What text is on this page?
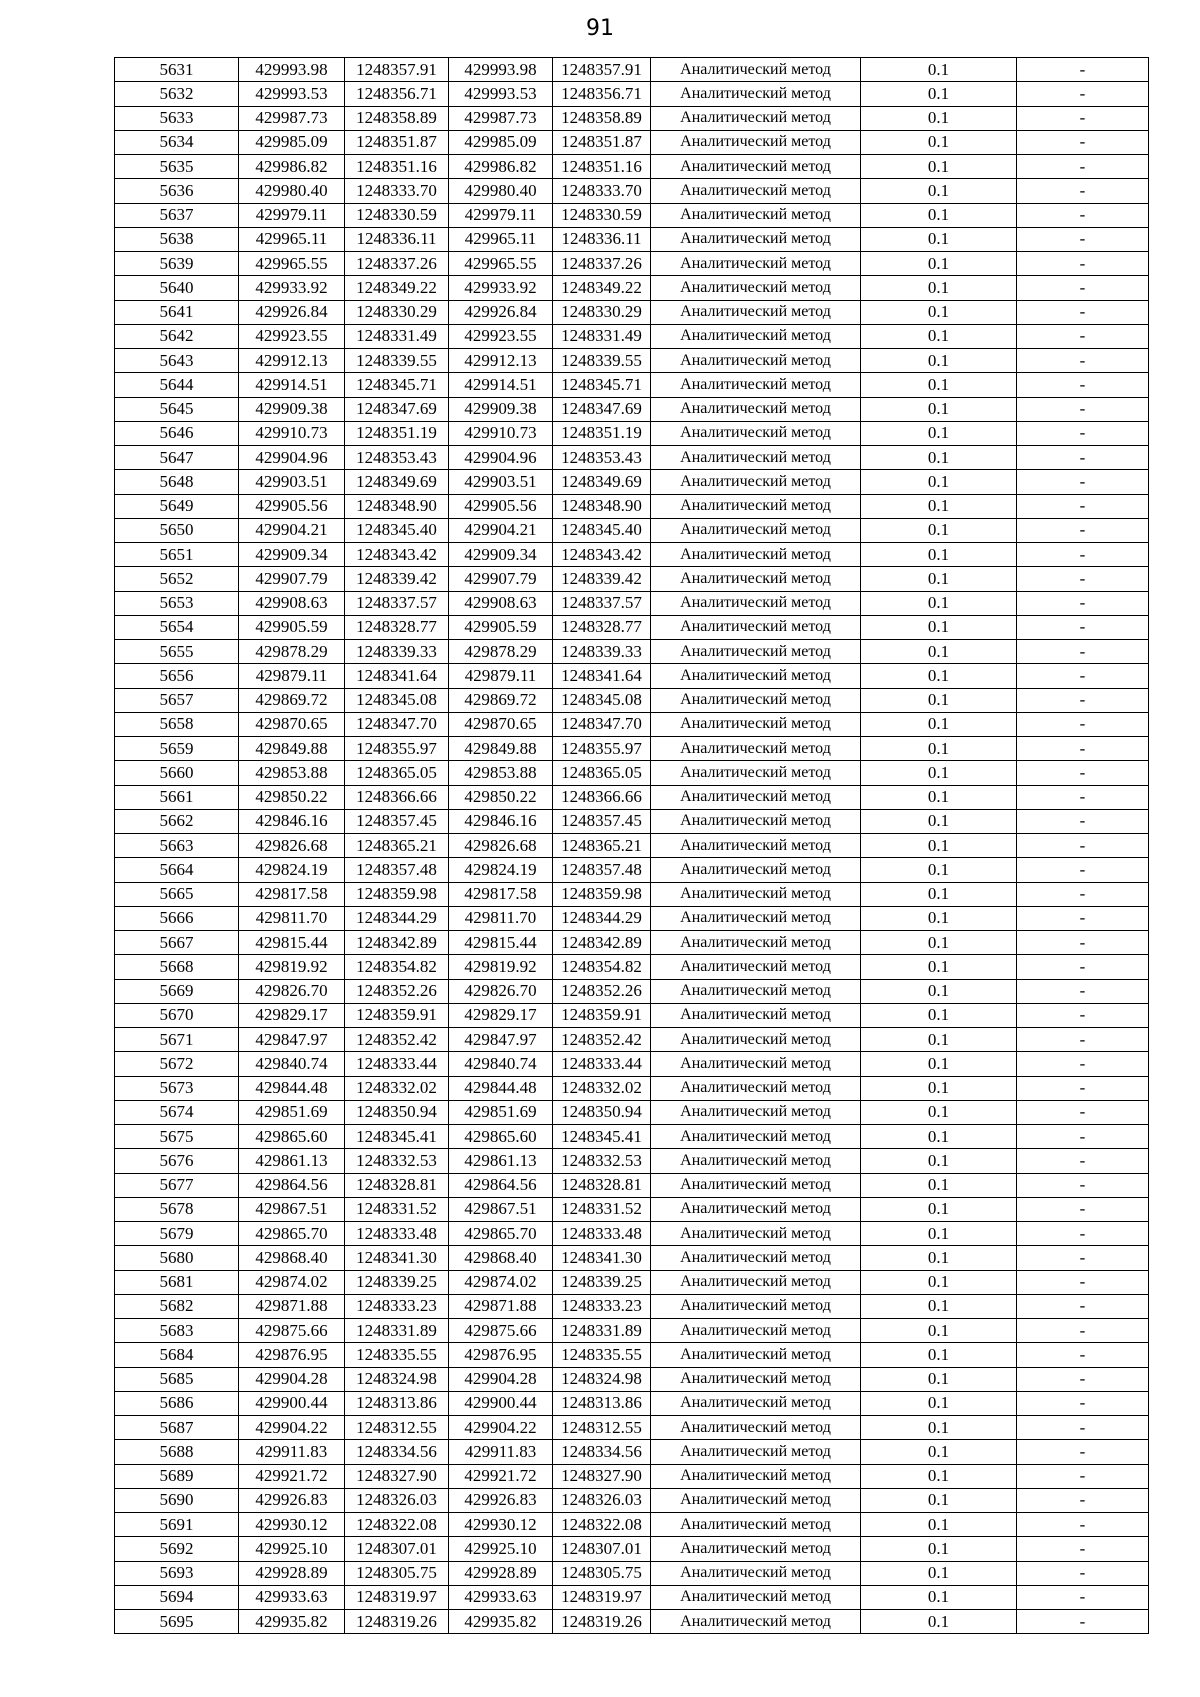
91
5631	429993.98	1248357.91	429993.98	1248357.91	Аналитический метод	0.1	-
5632	429993.53	1248356.71	429993.53	1248356.71	Аналитический метод	0.1	-
5633	429987.73	1248358.89	429987.73	1248358.89	Аналитический метод	0.1	-
5634	429985.09	1248351.87	429985.09	1248351.87	Аналитический метод	0.1	-
5635	429986.82	1248351.16	429986.82	1248351.16	Аналитический метод	0.1	-
5636	429980.40	1248333.70	429980.40	1248333.70	Аналитический метод	0.1	-
5637	429979.11	1248330.59	429979.11	1248330.59	Аналитический метод	0.1	-
5638	429965.11	1248336.11	429965.11	1248336.11	Аналитический метод	0.1	-
5639	429965.55	1248337.26	429965.55	1248337.26	Аналитический метод	0.1	-
5640	429933.92	1248349.22	429933.92	1248349.22	Аналитический метод	0.1	-
5641	429926.84	1248330.29	429926.84	1248330.29	Аналитический метод	0.1	-
5642	429923.55	1248331.49	429923.55	1248331.49	Аналитический метод	0.1	-
5643	429912.13	1248339.55	429912.13	1248339.55	Аналитический метод	0.1	-
5644	429914.51	1248345.71	429914.51	1248345.71	Аналитический метод	0.1	-
5645	429909.38	1248347.69	429909.38	1248347.69	Аналитический метод	0.1	-
5646	429910.73	1248351.19	429910.73	1248351.19	Аналитический метод	0.1	-
5647	429904.96	1248353.43	429904.96	1248353.43	Аналитический метод	0.1	-
5648	429903.51	1248349.69	429903.51	1248349.69	Аналитический метод	0.1	-
5649	429905.56	1248348.90	429905.56	1248348.90	Аналитический метод	0.1	-
5650	429904.21	1248345.40	429904.21	1248345.40	Аналитический метод	0.1	-
5651	429909.34	1248343.42	429909.34	1248343.42	Аналитический метод	0.1	-
5652	429907.79	1248339.42	429907.79	1248339.42	Аналитический метод	0.1	-
5653	429908.63	1248337.57	429908.63	1248337.57	Аналитический метод	0.1	-
5654	429905.59	1248328.77	429905.59	1248328.77	Аналитический метод	0.1	-
5655	429878.29	1248339.33	429878.29	1248339.33	Аналитический метод	0.1	-
5656	429879.11	1248341.64	429879.11	1248341.64	Аналитический метод	0.1	-
5657	429869.72	1248345.08	429869.72	1248345.08	Аналитический метод	0.1	-
5658	429870.65	1248347.70	429870.65	1248347.70	Аналитический метод	0.1	-
5659	429849.88	1248355.97	429849.88	1248355.97	Аналитический метод	0.1	-
5660	429853.88	1248365.05	429853.88	1248365.05	Аналитический метод	0.1	-
5661	429850.22	1248366.66	429850.22	1248366.66	Аналитический метод	0.1	-
5662	429846.16	1248357.45	429846.16	1248357.45	Аналитический метод	0.1	-
5663	429826.68	1248365.21	429826.68	1248365.21	Аналитический метод	0.1	-
5664	429824.19	1248357.48	429824.19	1248357.48	Аналитический метод	0.1	-
5665	429817.58	1248359.98	429817.58	1248359.98	Аналитический метод	0.1	-
5666	429811.70	1248344.29	429811.70	1248344.29	Аналитический метод	0.1	-
5667	429815.44	1248342.89	429815.44	1248342.89	Аналитический метод	0.1	-
5668	429819.92	1248354.82	429819.92	1248354.82	Аналитический метод	0.1	-
5669	429826.70	1248352.26	429826.70	1248352.26	Аналитический метод	0.1	-
5670	429829.17	1248359.91	429829.17	1248359.91	Аналитический метод	0.1	-
5671	429847.97	1248352.42	429847.97	1248352.42	Аналитический метод	0.1	-
5672	429840.74	1248333.44	429840.74	1248333.44	Аналитический метод	0.1	-
5673	429844.48	1248332.02	429844.48	1248332.02	Аналитический метод	0.1	-
5674	429851.69	1248350.94	429851.69	1248350.94	Аналитический метод	0.1	-
5675	429865.60	1248345.41	429865.60	1248345.41	Аналитический метод	0.1	-
5676	429861.13	1248332.53	429861.13	1248332.53	Аналитический метод	0.1	-
5677	429864.56	1248328.81	429864.56	1248328.81	Аналитический метод	0.1	-
5678	429867.51	1248331.52	429867.51	1248331.52	Аналитический метод	0.1	-
5679	429865.70	1248333.48	429865.70	1248333.48	Аналитический метод	0.1	-
5680	429868.40	1248341.30	429868.40	1248341.30	Аналитический метод	0.1	-
5681	429874.02	1248339.25	429874.02	1248339.25	Аналитический метод	0.1	-
5682	429871.88	1248333.23	429871.88	1248333.23	Аналитический метод	0.1	-
5683	429875.66	1248331.89	429875.66	1248331.89	Аналитический метод	0.1	-
5684	429876.95	1248335.55	429876.95	1248335.55	Аналитический метод	0.1	-
5685	429904.28	1248324.98	429904.28	1248324.98	Аналитический метод	0.1	-
5686	429900.44	1248313.86	429900.44	1248313.86	Аналитический метод	0.1	-
5687	429904.22	1248312.55	429904.22	1248312.55	Аналитический метод	0.1	-
5688	429911.83	1248334.56	429911.83	1248334.56	Аналитический метод	0.1	-
5689	429921.72	1248327.90	429921.72	1248327.90	Аналитический метод	0.1	-
5690	429926.83	1248326.03	429926.83	1248326.03	Аналитический метод	0.1	-
5691	429930.12	1248322.08	429930.12	1248322.08	Аналитический метод	0.1	-
5692	429925.10	1248307.01	429925.10	1248307.01	Аналитический метод	0.1	-
5693	429928.89	1248305.75	429928.89	1248305.75	Аналитический метод	0.1	-
5694	429933.63	1248319.97	429933.63	1248319.97	Аналитический метод	0.1	-
5695	429935.82	1248319.26	429935.82	1248319.26	Аналитический метод	0.1	-
